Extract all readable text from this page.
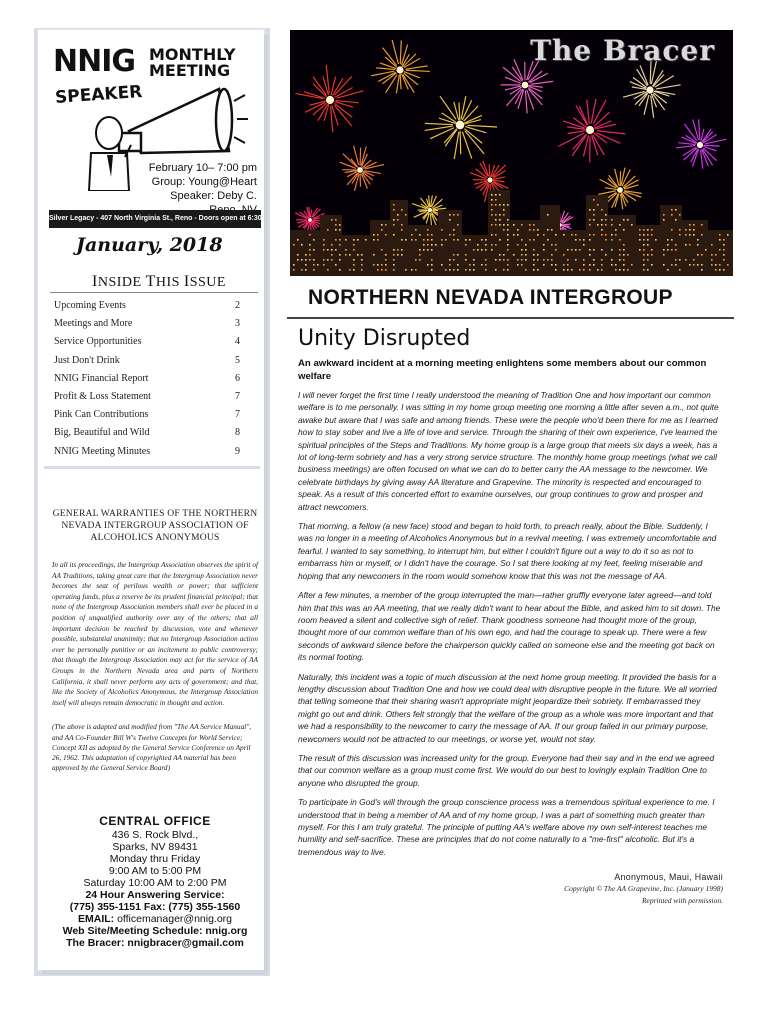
NNIG MONTHLY
MEETING
SPEAKER
February 10– 7:00 pm
Group: Young@Heart
Speaker: Deby C.
Silver Legacy - 407 North Virginia St., Reno - Doors open at 6:30
January, 2018
INSIDE THIS ISSUE
Upcoming Events	2
Meetings and More	3
Service Opportunities	4
Just Don't Drink	5
NNIG Financial Report	6
Profit & Loss Statement	7
Pink Can Contributions	7
Big, Beautiful and Wild	8
NNIG Meeting Minutes	9
GENERAL WARRANTIES OF THE NORTHERN NEVADA INTERGROUP ASSOCIATION OF ALCOHOLICS ANONYMOUS
In all its proceedings, the Intergroup Association observes the spirit of AA Traditions, taking great care that the Intergroup Association never becomes the seat of perilous wealth or power; that sufficient operating funds, plus a reserve be its prudent financial principal; that none of the Intergroup Association members shall ever be placed in a position of unqualified authority over any of the others; that all important decision be reached by discussion, vote and whenever possible, substantial unanimity; that no Intergroup Association action ever be personally punitive or an incitement to public controversy; that though the Intergroup Association may act for the service of AA Groups in the Northern Nevada area and parts of Northern California, it shall never perform any acts of government; and that, like the Society of Alcoholics Anonymous, the Intergroup Association itself will always remain democratic in thought and action.
(The above is adapted and modified from "The AA Service Manual", and AA Co-Founder Bill W's Twelve Concepts for World Service; Concept XII as adopted by the General Service Conference on April 26, 1962. This adaptation of copyrighted AA material has been approved by the General Service Board)
CENTRAL OFFICE
436 S. Rock Blvd.,
Sparks, NV 89431
Monday thru Friday
9:00 AM to 5:00 PM
Saturday 10:00 AM to 2:00 PM
24 Hour Answering Service:
(775) 355-1151 Fax: (775) 355-1560
EMAIL: officemanager@nnig.org
Web Site/Meeting Schedule: nnig.org
The Bracer: nnigbracer@gmail.com
The Bracer
NORTHERN NEVADA INTERGROUP
Unity Disrupted
An awkward incident at a morning meeting enlightens some members about our common welfare

I will never forget the first time I really understood the meaning of Tradition One and how important our common welfare is to me personally. I was sitting in my home group meeting one morning a little after seven a.m., not quite awake but aware that I was safe and among friends. These were the people who'd been there for me as I learned how to stay sober and live a life of love and service. Through the sharing of their own experience, I've learned the spiritual principles of the Steps and Traditions. My home group is a large group that meets six days a week, has a lot of long-term sobriety and has a very strong service structure. The monthly home group meetings (what we call business meetings) are often focused on what we can do to better carry the AA message to the newcomer. We celebrate birthdays by giving away AA literature and Grapevine. The minority is respected and encouraged to speak. As a result of this concerted effort to examine ourselves, our group continues to grow and prosper and attract newcomers.

That morning, a fellow (a new face) stood and began to hold forth, to preach really, about the Bible. Suddenly, I was no longer in a meeting of Alcoholics Anonymous but in a revival meeting. I was extremely uncomfortable and fearful. I wanted to say something, to interrupt him, but either I couldn't figure out a way to do it so as not to embarrass him or myself, or I didn't have the courage. So I sat there looking at my feet, feeling miserable and hoping that any newcomers in the room would somehow know that this was not the message of AA.

After a few minutes, a member of the group interrupted the man—rather gruffly everyone later agreed—and told him that this was an AA meeting, that we really didn't want to hear about the Bible, and asked him to sit down. The room heaved a silent and collective sigh of relief. Thank goodness someone had thought more of the group, thought more of our common welfare than of his own ego, and had the courage to speak up. There were a few seconds of awkward silence before the chairperson quickly called on someone else and the meeting got back on its normal footing.

Naturally, this incident was a topic of much discussion at the next home group meeting. It provided the basis for a lengthy discussion about Tradition One and how we could deal with disruptive people in the future. We all worried that telling someone that their sharing wasn't appropriate might jeopardize their sobriety. If embarrassed they might go out and drink. Others felt strongly that the welfare of the group as a whole was more important and that we had a responsibility to the newcomer to carry the message of AA. If our group failed in our primary purpose, newcomers would not be attracted to our meetings, or worse yet, would not stay.

The result of this discussion was increased unity for the group. Everyone had their say and in the end we agreed that our common welfare as a group must come first. We would do our best to lovingly explain Tradition One to anyone who disrupted the group.

To participate in God's will through the group conscience process was a tremendous spiritual experience to me. I understood that in being a member of AA and of my home group, I was a part of something much greater than myself. For this I am truly grateful. The principle of putting AA's welfare above my own self-interest teaches me humility and self-sacrifice. These are principles that do not come naturally to a "me-first" alcoholic. But it's a tremendous way to live.

Anonymous, Maui, Hawaii
Copyright © The AA Grapevine, Inc. (January 1998)
Reprinted with permission.
